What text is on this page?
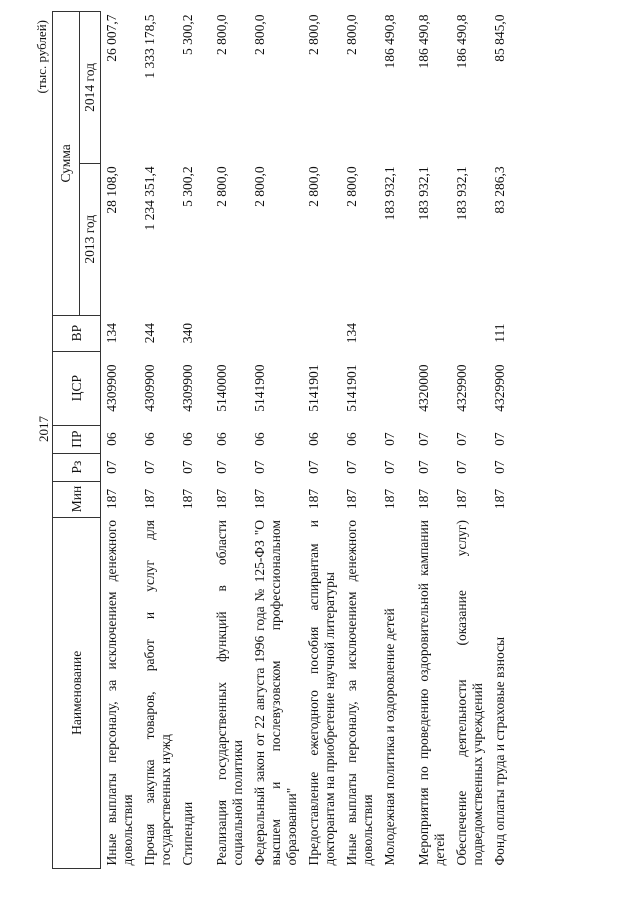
2017
(тыс. рублей)
Наименование	Мин	Рз	ПР	ЦСР	ВР	Сумма	
						2013 год	2014 год
Иные выплаты персоналу, за исключением денежного довольствия	187	07	06	4309900	134	28 108,0	26 007,7
Прочая закупка товаров, работ и услуг для государственных нужд	187	07	06	4309900	244	1 234 351,4	1 333 178,5
Стипендии	187	07	06	4309900	340	5 300,2	5 300,2
Реализация государственных функций в области социальной политики	187	07	06	5140000		2 800,0	2 800,0
Федеральный закон от 22 августа 1996 года № 125-ФЗ "О высшем и послевузовском профессиональном образовании"	187	07	06	5141900		2 800,0	2 800,0
Предоставление ежегодного пособия аспирантам и докторантам на приобретение научной литературы	187	07	06	5141901		2 800,0	2 800,0
Иные выплаты персоналу, за исключением денежного довольствия	187	07	06	5141901	134	2 800,0	2 800,0
Молодежная политика и оздоровление детей	187	07	07			183 932,1	186 490,8
Мероприятия по проведению оздоровительной кампании детей	187	07	07	4320000		183 932,1	186 490,8
Обеспечение деятельности (оказание услуг) подведомственных учреждений	187	07	07	4329900		183 932,1	186 490,8
Фонд оплаты труда и страховые взносы	187	07	07	4329900	111	83 286,3	85 845,0
